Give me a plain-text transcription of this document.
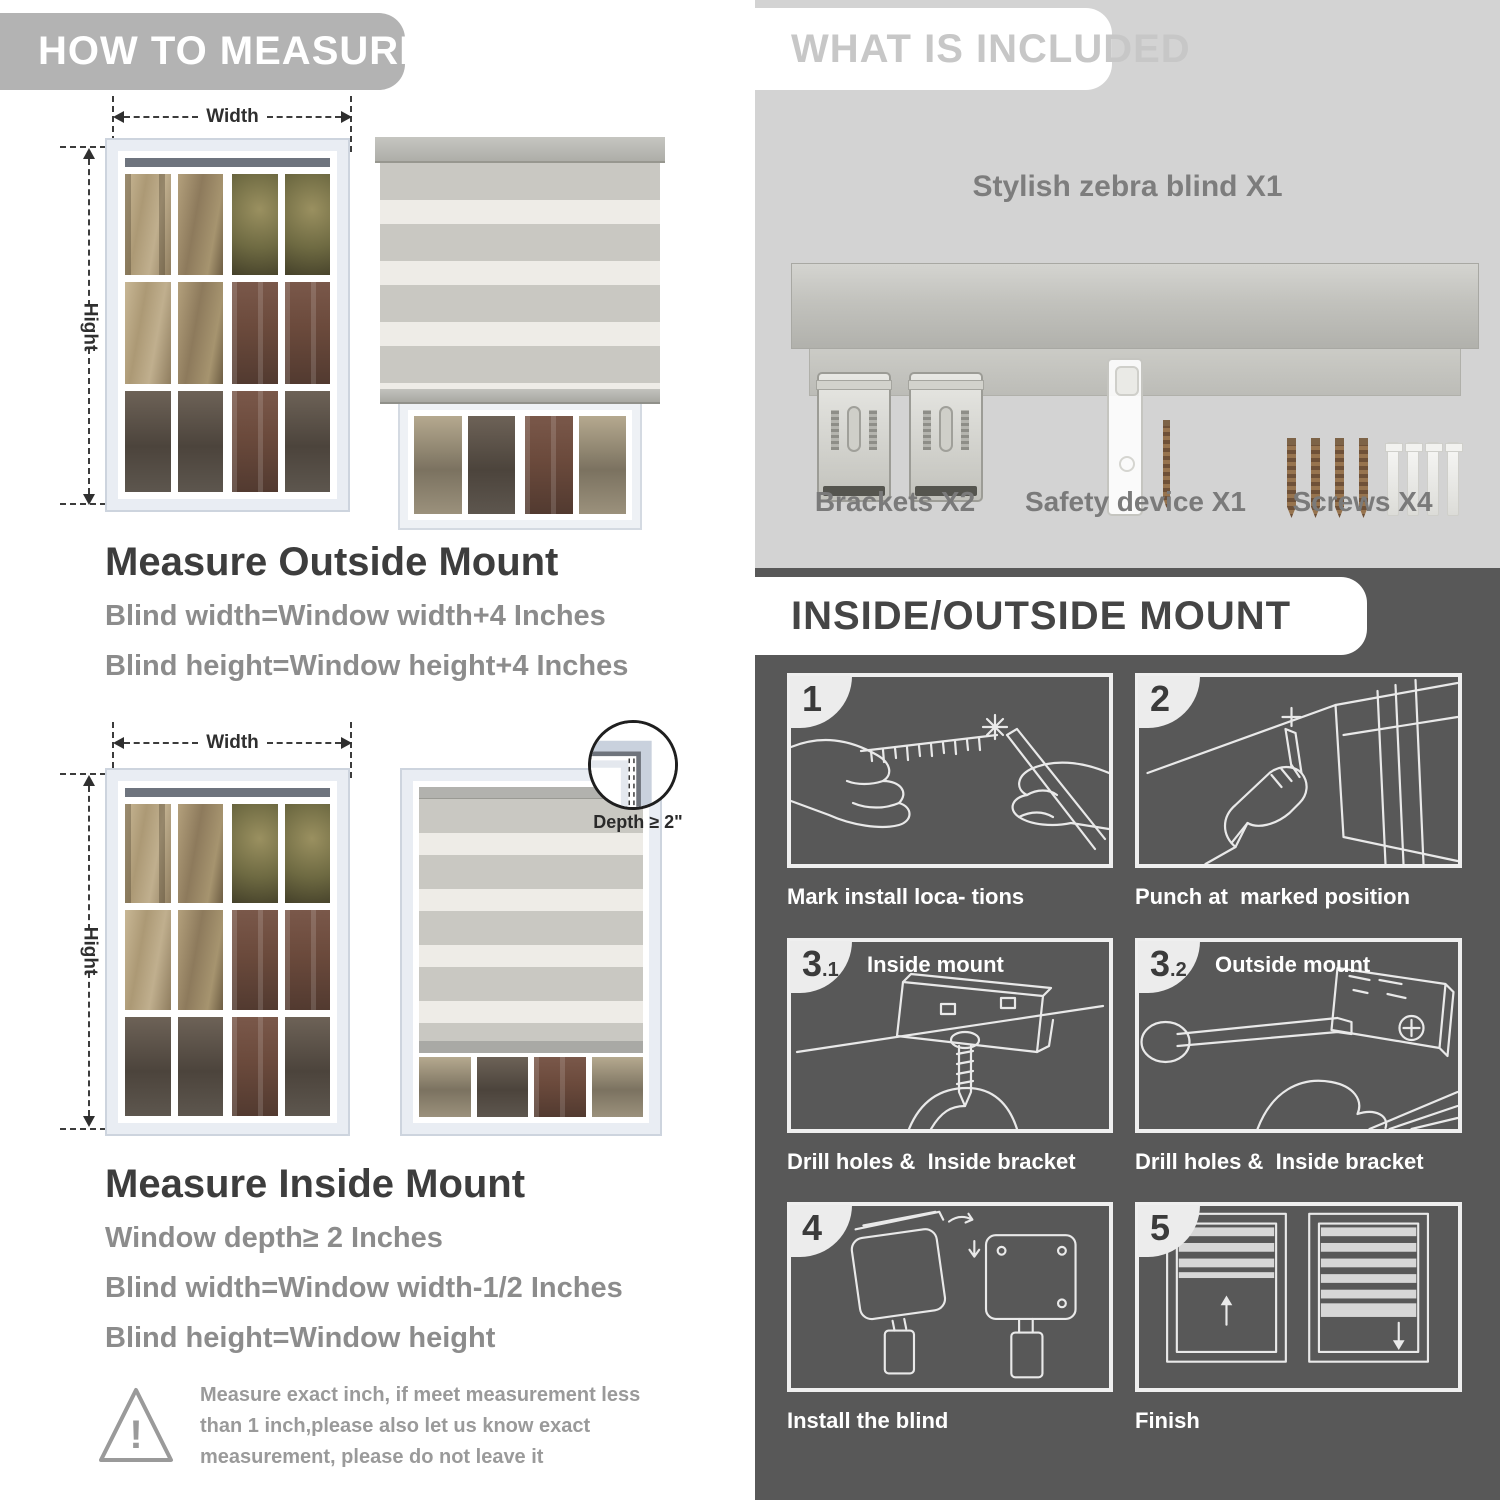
HOW TO MEASURE
Width
Hight
Measure Outside Mount
Blind width=Window width+4 Inches
Blind height=Window height+4 Inches
Width
Hight
Depth ≥ 2"
Measure Inside Mount
Window depth≥ 2 Inches
Blind width=Window width-1/2 Inches
Blind height=Window height
!
Measure exact inch, if meet measurement less than 1 inch,please also let us know exact measurement, please do not leave it
WHAT IS INCLUDED
Stylish zebra blind X1
Brackets X2	Safety device X1	Screws X4
INSIDE/OUTSIDE MOUNT
1
Mark install loca- tions
2
Punch at  marked position
3.1	Inside mount
Drill holes &  Inside bracket
3.2	Outside mount
Drill holes &  Inside bracket
4
Install the blind
5
Finish
